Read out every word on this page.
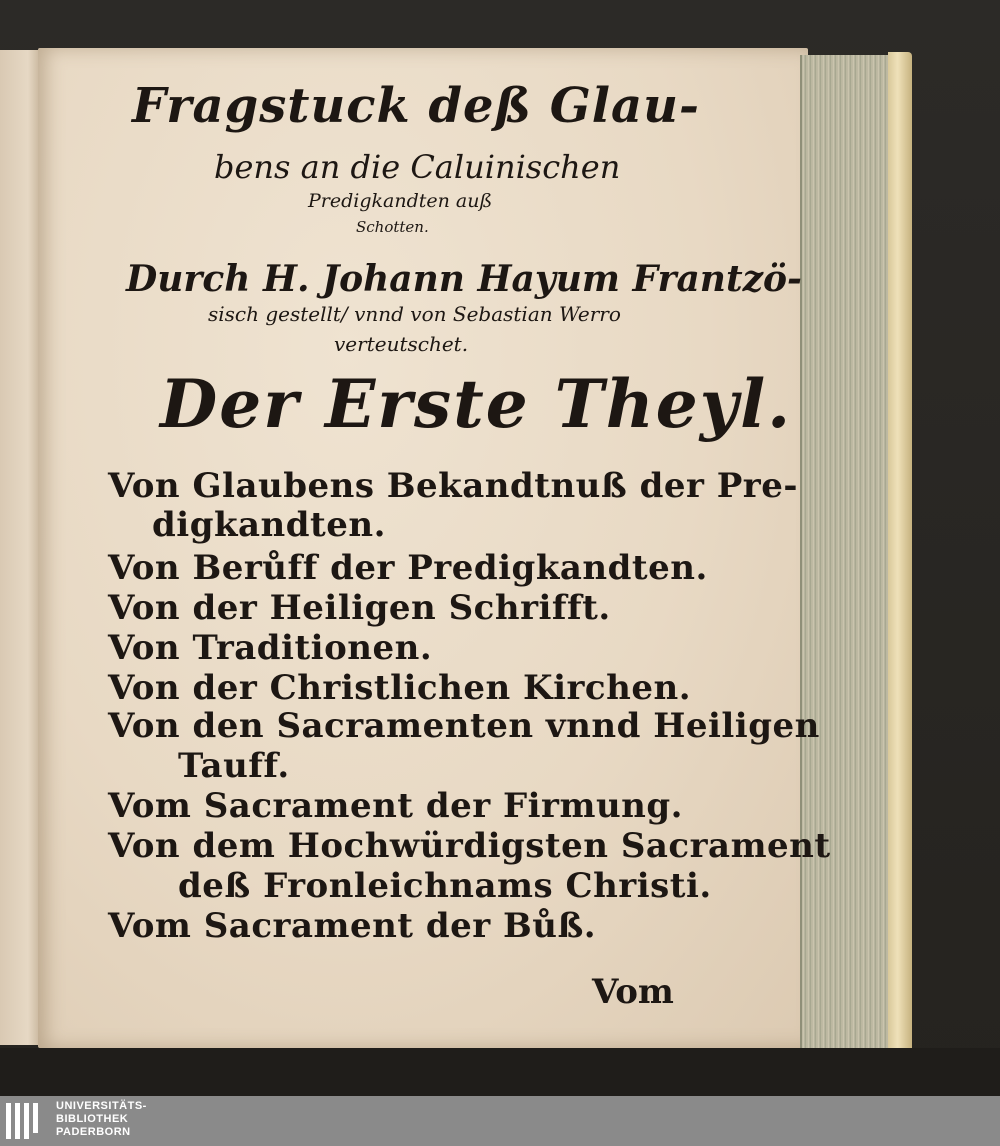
Fragstuck deß Glau-
bens an die Caluinischen
Predigkandten auß
Schotten.
Durch H. Johann Hayum Frantzö-
sisch gestellt/ vnnd von Sebastian Werro
verteutschet.
Der Erste Theyl.
Von Glaubens Bekandtnuß der Pre-
digkandten.
Von Berůff der Predigkandten.
Von der Heiligen Schrifft.
Von Traditionen.
Von der Christlichen Kirchen.
Von den Sacramenten vnnd Heiligen
Tauff.
Vom Sacrament der Firmung.
Von dem Hochwürdigsten Sacrament
deß Fronleichnams Christi.
Vom Sacrament der Bůß.
Vom
UNIVERSITÄTS-
BIBLIOTHEK
PADERBORN
